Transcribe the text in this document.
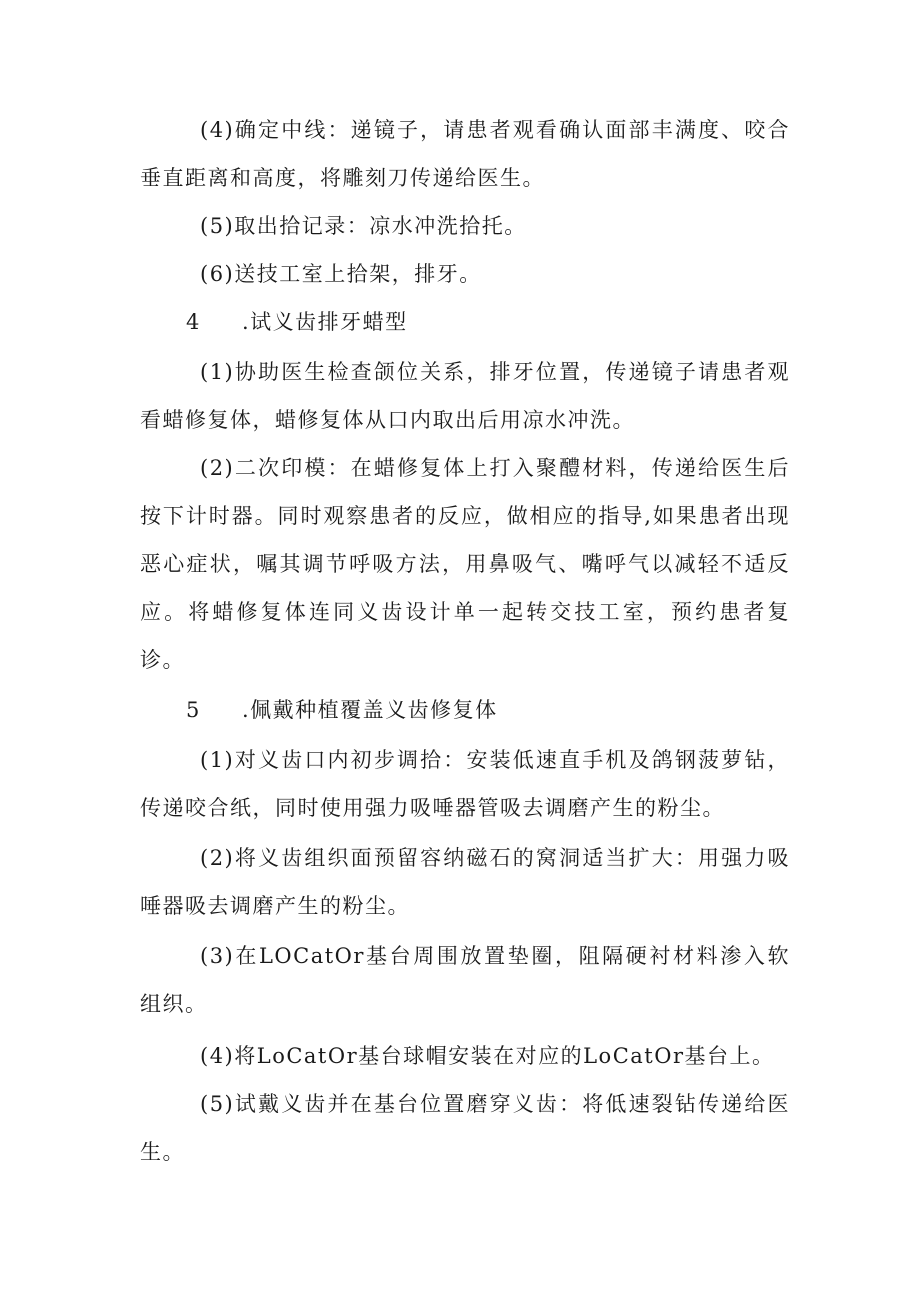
(4)确定中线：递镜子，请患者观看确认面部丰满度、咬合垂直距离和高度，将雕刻刀传递给医生。

(5)取出拾记录：凉水冲洗拾托。

(6)送技工室上拾架，排牙。

4 .试义齿排牙蜡型

(1)协助医生检查颌位关系，排牙位置，传递镜子请患者观看蜡修复体，蜡修复体从口内取出后用凉水冲洗。

(2)二次印模：在蜡修复体上打入聚醴材料，传递给医生后按下计时器。同时观察患者的反应，做相应的指导,如果患者出现恶心症状，嘱其调节呼吸方法，用鼻吸气、嘴呼气以减轻不适反应。将蜡修复体连同义齿设计单一起转交技工室，预约患者复诊。

5 .佩戴种植覆盖义齿修复体

(1)对义齿口内初步调拾：安装低速直手机及鸽钢菠萝钻，传递咬合纸，同时使用强力吸唾器管吸去调磨产生的粉尘。

(2)将义齿组织面预留容纳磁石的窝洞适当扩大：用强力吸唾器吸去调磨产生的粉尘。

(3)在LOCatOr基台周围放置垫圈，阻隔硬衬材料渗入软组织。

(4)将LoCatOr基台球帽安装在对应的LoCatOr基台上。

(5)试戴义齿并在基台位置磨穿义齿：将低速裂钻传递给医生。
